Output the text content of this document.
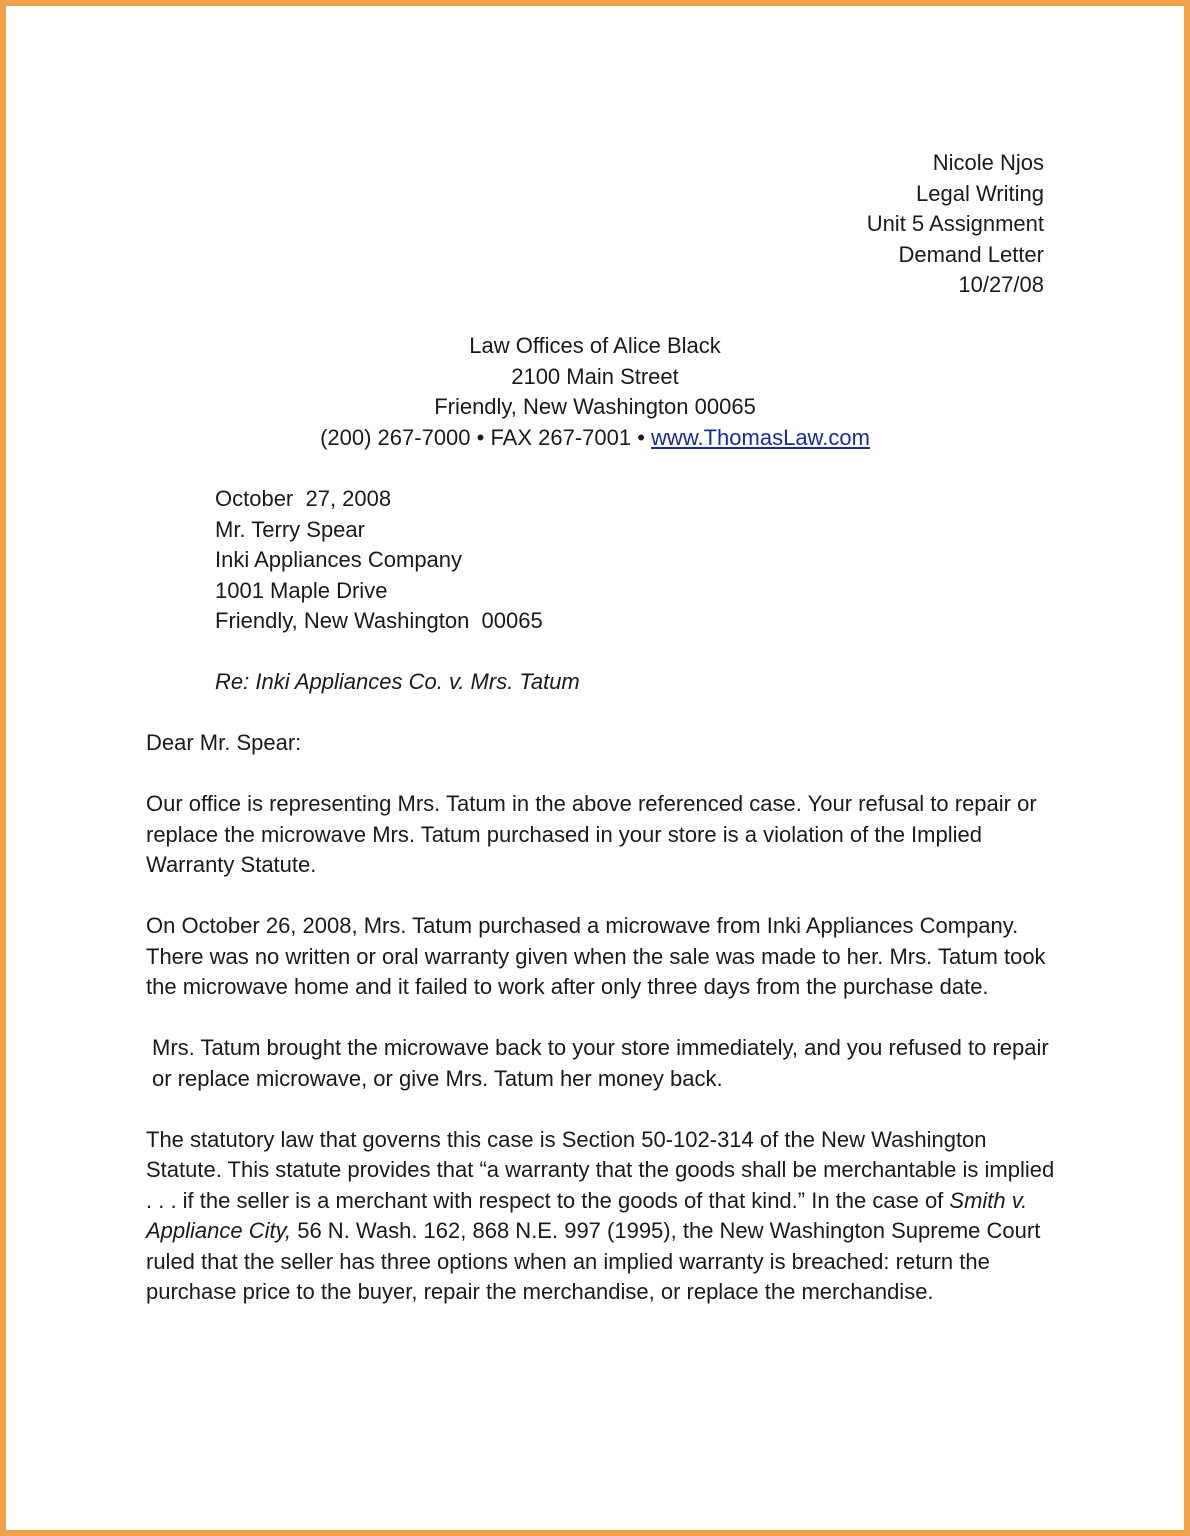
Nicole Njos
Legal Writing
Unit 5 Assignment
Demand Letter
10/27/08
Law Offices of Alice Black
2100 Main Street
Friendly, New Washington 00065
(200) 267-7000 • FAX 267-7001 • www.ThomasLaw.com
October  27, 2008
Mr. Terry Spear
Inki Appliances Company
1001 Maple Drive
Friendly, New Washington  00065
Re: Inki Appliances Co. v. Mrs. Tatum

Dear Mr. Spear:

Our office is representing Mrs. Tatum in the above referenced case. Your refusal to repair or replace the microwave Mrs. Tatum purchased in your store is a violation of the Implied Warranty Statute.

On October 26, 2008, Mrs. Tatum purchased a microwave from Inki Appliances Company. There was no written or oral warranty given when the sale was made to her. Mrs. Tatum took the microwave home and it failed to work after only three days from the purchase date.

Mrs. Tatum brought the microwave back to your store immediately, and you refused to repair or replace microwave, or give Mrs. Tatum her money back.

The statutory law that governs this case is Section 50-102-314 of the New Washington Statute. This statute provides that “a warranty that the goods shall be merchantable is implied . . . if the seller is a merchant with respect to the goods of that kind.” In the case of Smith v. Appliance City, 56 N. Wash. 162, 868 N.E. 997 (1995), the New Washington Supreme Court ruled that the seller has three options when an implied warranty is breached: return the purchase price to the buyer, repair the merchandise, or replace the merchandise.
